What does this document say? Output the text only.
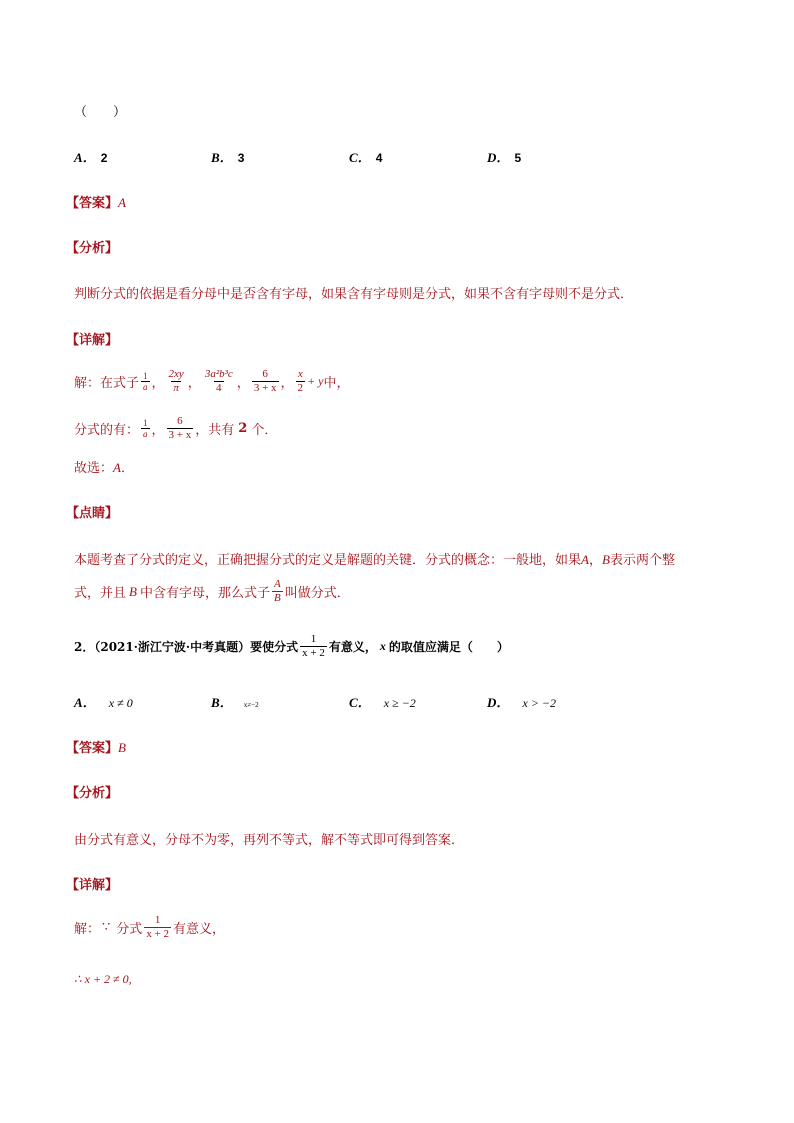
（　　）
A． 2	B． 3	C． 4	D． 5
【答案】A
【分析】
判断分式的依据是看分母中是否含有字母，如果含有字母则是分式，如果不含有字母则不是分式．
【详解】
解：在式子 $\frac{1}{a}$ ， $\frac{2xy}{\pi}$ ， $\frac{\text{3a²b³c}}{4}$ ， $\frac{6}{3 + x}$ ， $\frac{x}{2} + y$ 中，
分式的有： $\frac{1}{a}$ ， $\frac{6}{3 + x}$ ，共有 2 个．
故选：A．
【点睛】
本题考查了分式的定义，正确把握分式的定义是解题的关键．分式的概念：一般地，如果A，B表示两个整
式，并且 B 中含有字母，那么式子 $\frac{A}{B}$ 叫做分式．
2．（2021·浙江宁波·中考真题）要使分式 $\frac{1}{x + 2}$ 有意义， x 的取值应满足（　　）
A． x ≠ 0	B． x≠−2	C． x ≥ −2	D． x > −2
【答案】B
【分析】
由分式有意义，分母不为零，再列不等式，解不等式即可得到答案．
【详解】
解： ∵ 分式 $\frac{1}{x + 2}$ 有意义，
∴ x + 2 ≠ 0,
